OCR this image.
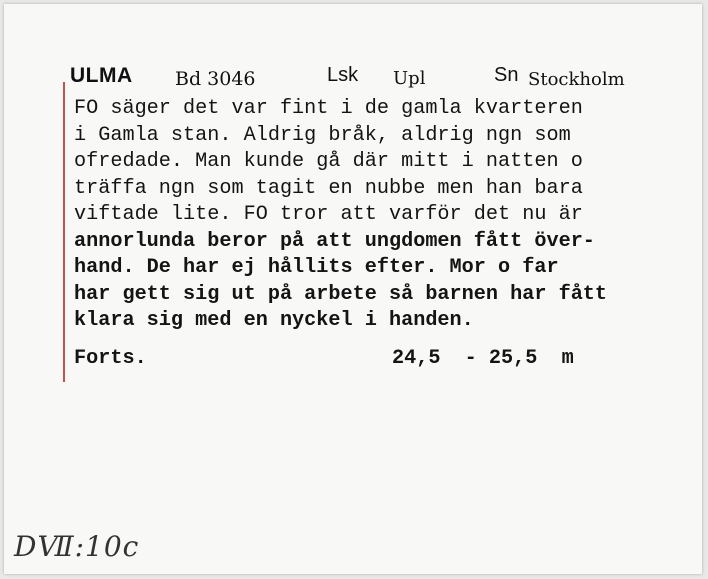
ULMA Bd 3046	Lsk Upl	Sn Stockholm
FO säger det var fint i de gamla kvarteren
i Gamla stan. Aldrig bråk, aldrig ngn som
ofredade. Man kunde gå där mitt i natten o
träffa ngn som tagit en nubbe men han bara
viftade lite. FO tror att varför det nu är
annorlunda beror på att ungdomen fått över-
hand. De har ej hållits efter. Mor o far
har gett sig ut på arbete så barnen har fått
klara sig med en nyckel i handen.
Forts.	24,5  - 25,5  m
DⅦ:10c
